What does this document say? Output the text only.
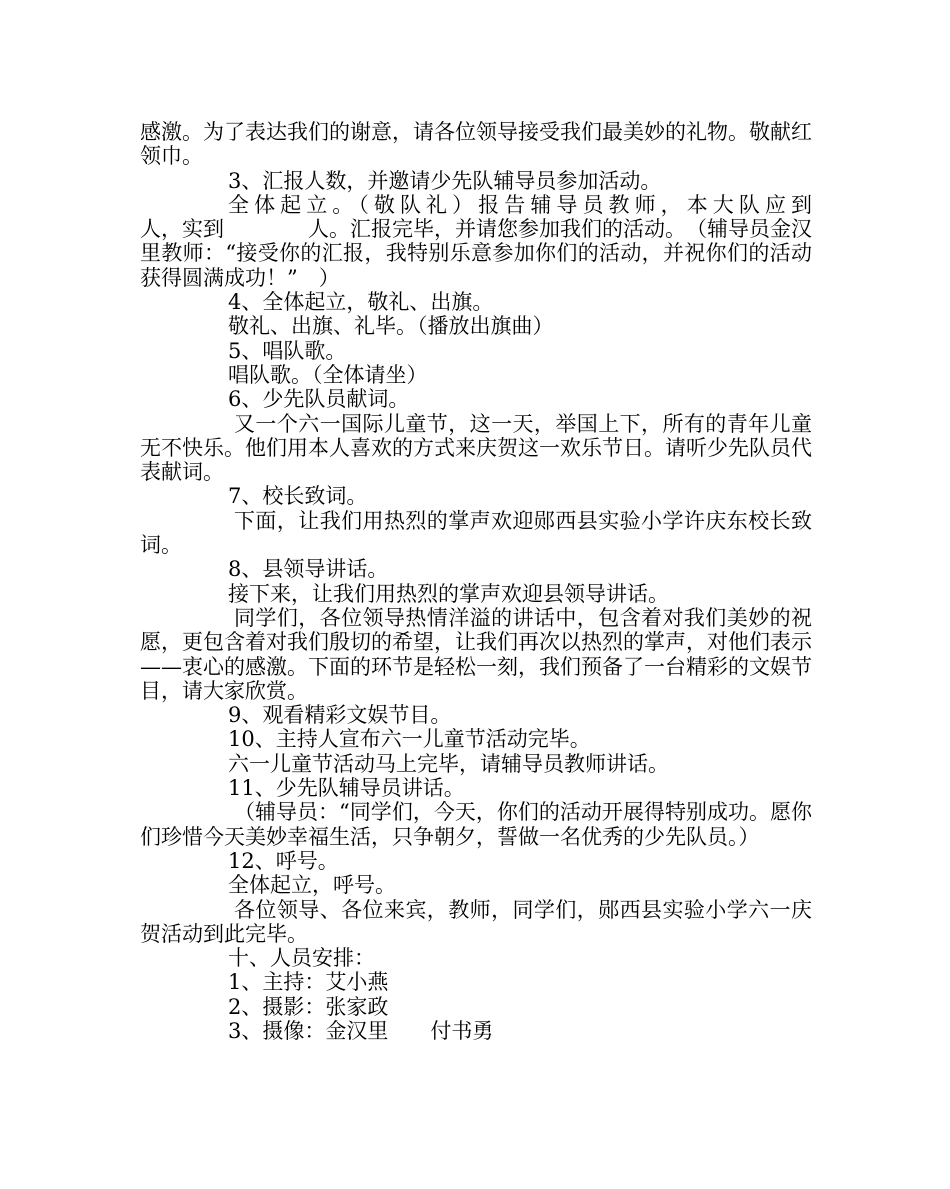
感激。为了表达我们的谢意，请各位领导接受我们最美妙的礼物。敬献红领巾。

3、汇报人数，并邀请少先队辅导员参加活动。

全体起立。（敬队礼）报告辅导员教师，本大队应到　　　　人，实到　　　　人。汇报完毕，并请您参加我们的活动。　（辅导员金汉里教师：“接受你的汇报，我特别乐意参加你们的活动，并祝你们的活动获得圆满成功！”　）

4、全体起立，敬礼、出旗。

敬礼、出旗、礼毕。（播放出旗曲）

5、唱队歌。

唱队歌。（全体请坐）

6、少先队员献词。

又一个六一国际儿童节，这一天，举国上下，所有的青年儿童无不快乐。他们用本人喜欢的方式来庆贺这一欢乐节日。请听少先队员代表献词。

7、校长致词。

下面，让我们用热烈的掌声欢迎郧西县实验小学许庆东校长致词。

8、县领导讲话。

接下来，让我们用热烈的掌声欢迎县领导讲话。

同学们，各位领导热情洋溢的讲话中，包含着对我们美妙的祝愿，更包含着对我们殷切的希望，让我们再次以热烈的掌声，对他们表示——衷心的感激。下面的环节是轻松一刻，我们预备了一台精彩的文娱节目，请大家欣赏。

9、观看精彩文娱节目。

10、主持人宣布六一儿童节活动完毕。

六一儿童节活动马上完毕，请辅导员教师讲话。

11、少先队辅导员讲话。

（辅导员：“同学们，今天，你们的活动开展得特别成功。愿你们珍惜今天美妙幸福生活，只争朝夕，誓做一名优秀的少先队员。）

12、呼号。

全体起立，呼号。

各位领导、各位来宾，教师，同学们，郧西县实验小学六一庆贺活动到此完毕。

十、人员安排：

1、主持：艾小燕

2、摄影：张家政

3、摄像：金汉里　　付书勇
